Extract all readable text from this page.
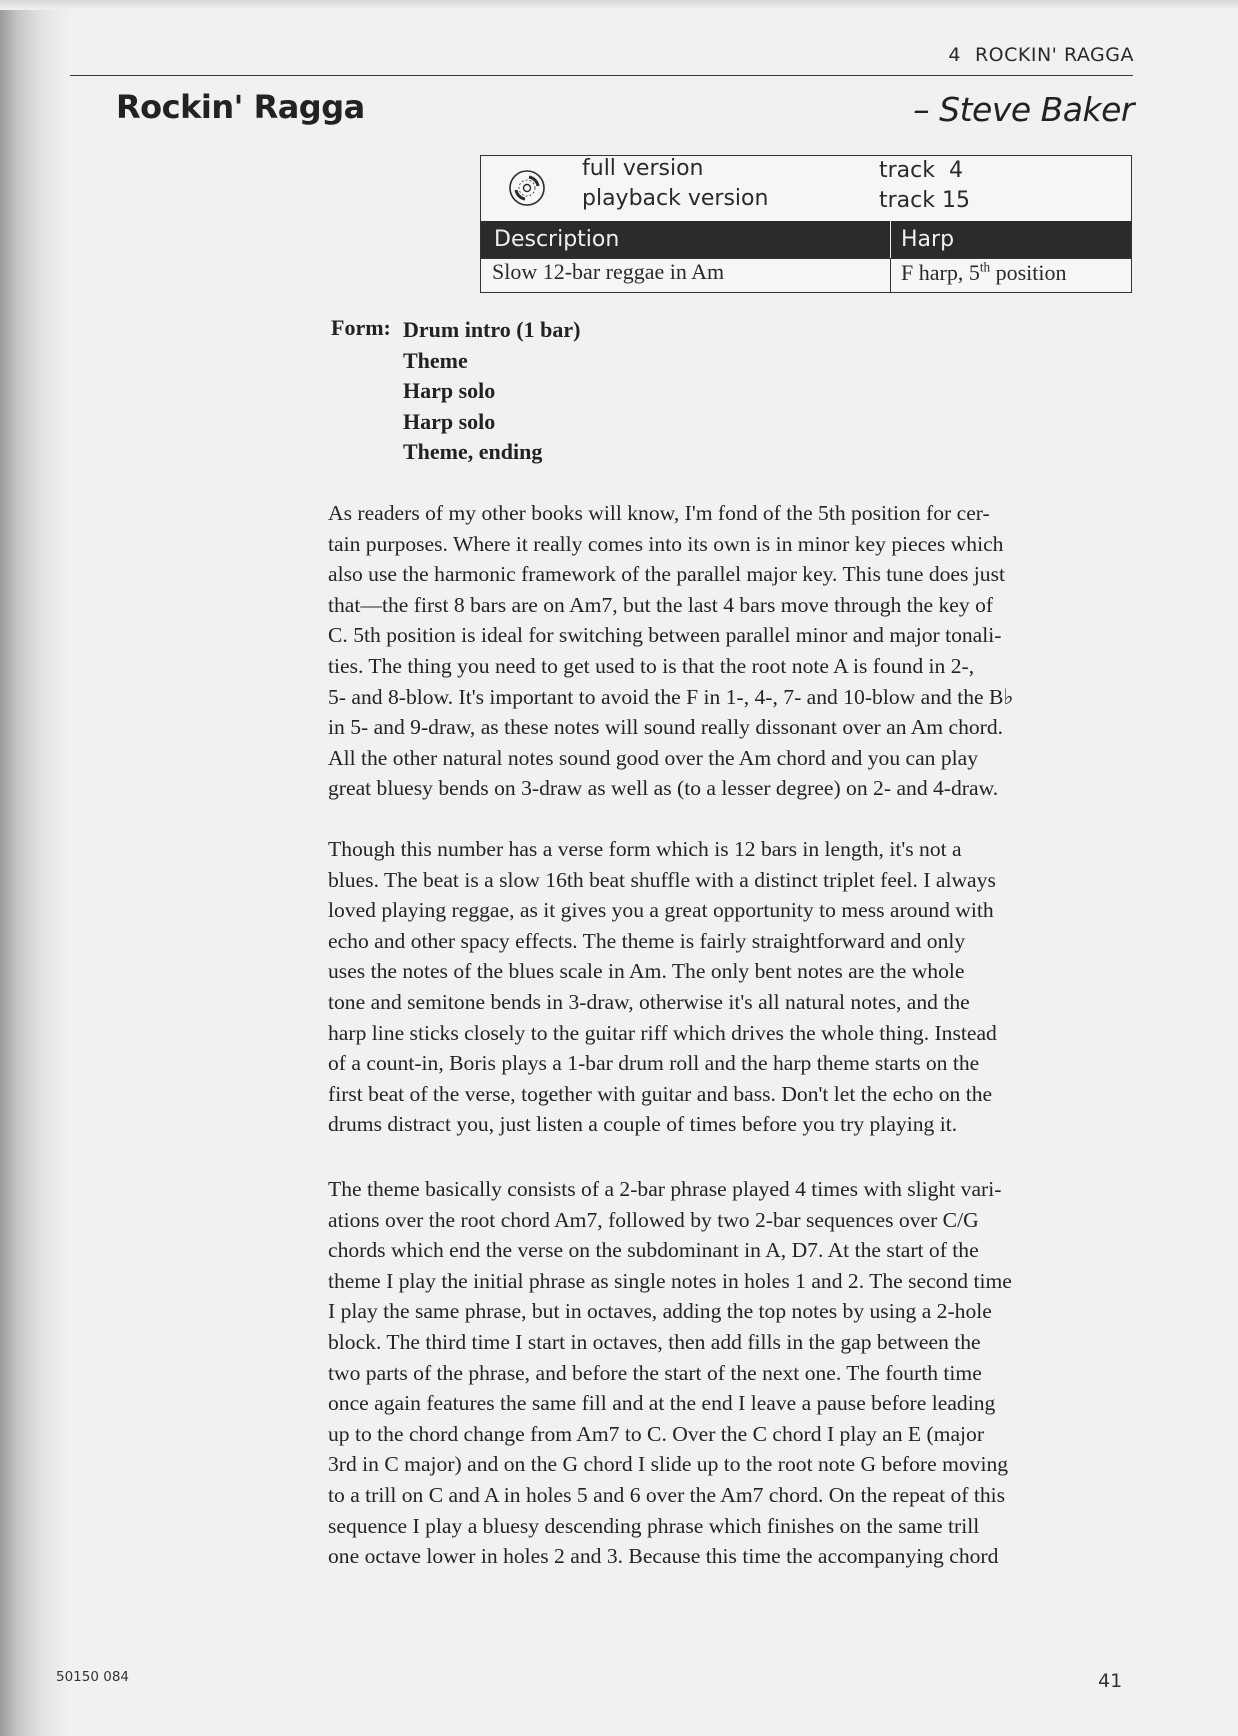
4 ROCKIN' RAGGA
Rockin' Ragga	– Steve Baker
full version	track  4
playback version	track 15
Description	Harp
Slow 12-bar reggae in Am	F harp, 5th position
Form: Drum intro (1 bar)
Theme
Harp solo
Harp solo
Theme, ending
As readers of my other books will know, I'm fond of the 5th position for cer-
tain purposes. Where it really comes into its own is in minor key pieces which
also use the harmonic framework of the parallel major key. This tune does just
that—the first 8 bars are on Am7, but the last 4 bars move through the key of
C. 5th position is ideal for switching between parallel minor and major tonali-
ties. The thing you need to get used to is that the root note A is found in 2-,
5- and 8-blow. It's important to avoid the F in 1-, 4-, 7- and 10-blow and the B♭
in 5- and 9-draw, as these notes will sound really dissonant over an Am chord.
All the other natural notes sound good over the Am chord and you can play
great bluesy bends on 3-draw as well as (to a lesser degree) on 2- and 4-draw.
Though this number has a verse form which is 12 bars in length, it's not a
blues. The beat is a slow 16th beat shuffle with a distinct triplet feel. I always
loved playing reggae, as it gives you a great opportunity to mess around with
echo and other spacy effects. The theme is fairly straightforward and only
uses the notes of the blues scale in Am. The only bent notes are the whole
tone and semitone bends in 3-draw, otherwise it's all natural notes, and the
harp line sticks closely to the guitar riff which drives the whole thing. Instead
of a count-in, Boris plays a 1-bar drum roll and the harp theme starts on the
first beat of the verse, together with guitar and bass. Don't let the echo on the
drums distract you, just listen a couple of times before you try playing it.
The theme basically consists of a 2-bar phrase played 4 times with slight vari-
ations over the root chord Am7, followed by two 2-bar sequences over C/G
chords which end the verse on the subdominant in A, D7. At the start of the
theme I play the initial phrase as single notes in holes 1 and 2. The second time
I play the same phrase, but in octaves, adding the top notes by using a 2-hole
block. The third time I start in octaves, then add fills in the gap between the
two parts of the phrase, and before the start of the next one. The fourth time
once again features the same fill and at the end I leave a pause before leading
up to the chord change from Am7 to C. Over the C chord I play an E (major
3rd in C major) and on the G chord I slide up to the root note G before moving
to a trill on C and A in holes 5 and 6 over the Am7 chord. On the repeat of this
sequence I play a bluesy descending phrase which finishes on the same trill
one octave lower in holes 2 and 3. Because this time the accompanying chord
50150 084	41
